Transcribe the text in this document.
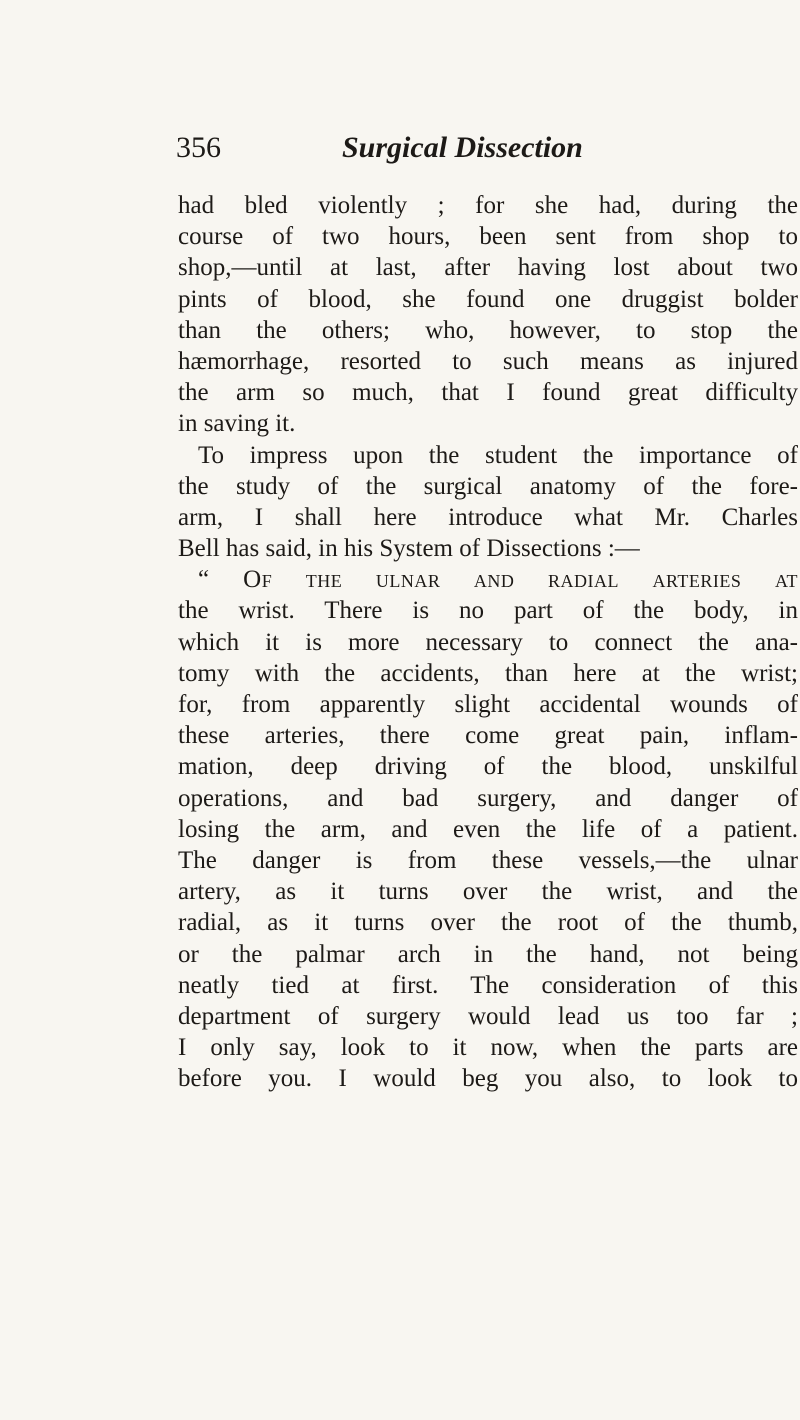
356	Surgical Dissection
had bled violently ; for she had, during the
course of two hours, been sent from shop to
shop,—until at last, after having lost about two
pints of blood, she found one druggist bolder
than the others; who, however, to stop the
hæmorrhage, resorted to such means as injured
the arm so much, that I found great difficulty
in saving it.
To impress upon the student the importance of
the study of the surgical anatomy of the fore-
arm, I shall here introduce what Mr. Charles
Bell has said, in his System of Dissections :—
“ Of the ulnar and radial arteries at
the wrist. There is no part of the body, in
which it is more necessary to connect the ana-
tomy with the accidents, than here at the wrist;
for, from apparently slight accidental wounds of
these arteries, there come great pain, inflam-
mation, deep driving of the blood, unskilful
operations, and bad surgery, and danger of
losing the arm, and even the life of a patient.
The danger is from these vessels,—the ulnar
artery, as it turns over the wrist, and the
radial, as it turns over the root of the thumb,
or the palmar arch in the hand, not being
neatly tied at first. The consideration of this
department of surgery would lead us too far ;
I only say, look to it now, when the parts are
before you. I would beg you also, to look to
